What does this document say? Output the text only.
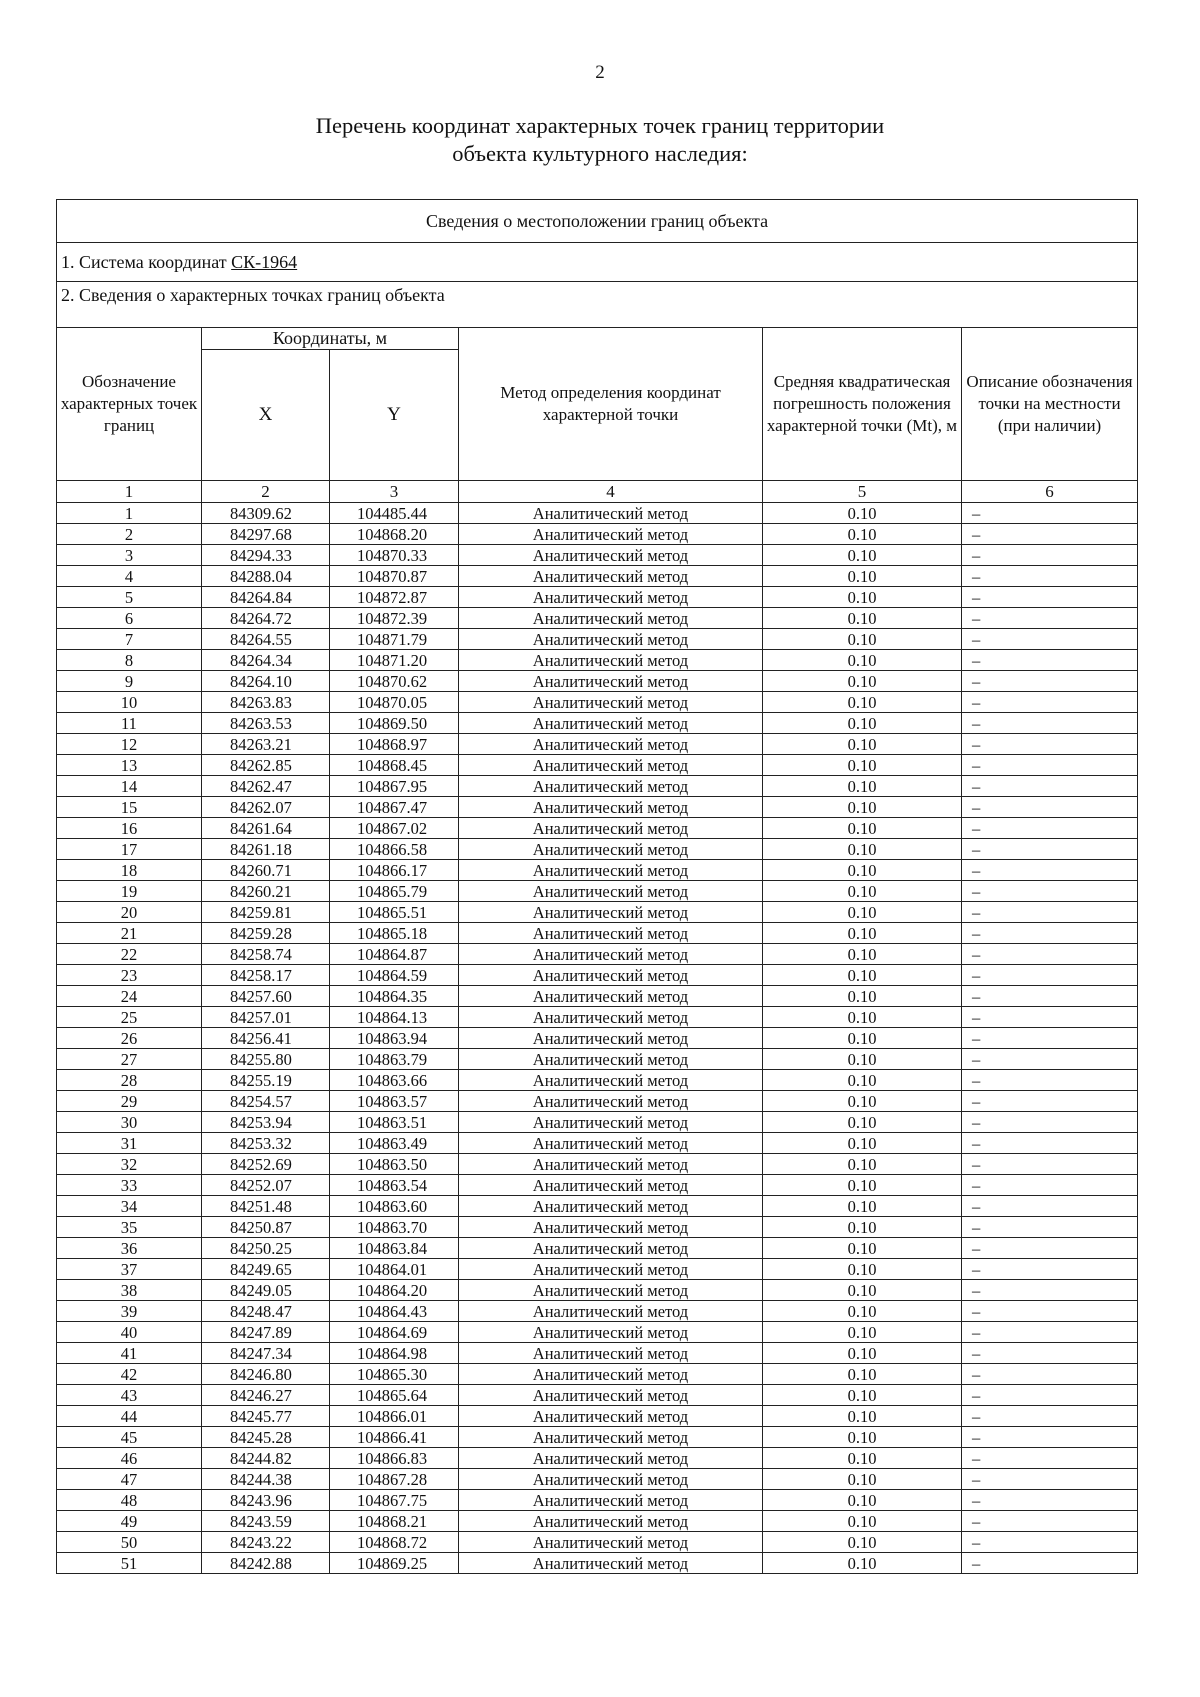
2
Перечень координат характерных точек границ территории
объекта культурного наследия:
Сведения о местоположении границ объекта					
1. Система координат СК-1964					
2. Сведения о характерных точках границ объекта					
Обозначение характерных точек границ	Координаты, м		Метод определения координат характерной точки	Средняя квадратическая погрешность положения характерной точки (Mt), м	Описание обозначения точки на местности (при наличии)
	X	Y			
1	2	3	4	5	6
1	84309.62	104485.44	Аналитический метод	0.10	–
2	84297.68	104868.20	Аналитический метод	0.10	–
3	84294.33	104870.33	Аналитический метод	0.10	–
4	84288.04	104870.87	Аналитический метод	0.10	–
5	84264.84	104872.87	Аналитический метод	0.10	–
6	84264.72	104872.39	Аналитический метод	0.10	–
7	84264.55	104871.79	Аналитический метод	0.10	–
8	84264.34	104871.20	Аналитический метод	0.10	–
9	84264.10	104870.62	Аналитический метод	0.10	–
10	84263.83	104870.05	Аналитический метод	0.10	–
11	84263.53	104869.50	Аналитический метод	0.10	–
12	84263.21	104868.97	Аналитический метод	0.10	–
13	84262.85	104868.45	Аналитический метод	0.10	–
14	84262.47	104867.95	Аналитический метод	0.10	–
15	84262.07	104867.47	Аналитический метод	0.10	–
16	84261.64	104867.02	Аналитический метод	0.10	–
17	84261.18	104866.58	Аналитический метод	0.10	–
18	84260.71	104866.17	Аналитический метод	0.10	–
19	84260.21	104865.79	Аналитический метод	0.10	–
20	84259.81	104865.51	Аналитический метод	0.10	–
21	84259.28	104865.18	Аналитический метод	0.10	–
22	84258.74	104864.87	Аналитический метод	0.10	–
23	84258.17	104864.59	Аналитический метод	0.10	–
24	84257.60	104864.35	Аналитический метод	0.10	–
25	84257.01	104864.13	Аналитический метод	0.10	–
26	84256.41	104863.94	Аналитический метод	0.10	–
27	84255.80	104863.79	Аналитический метод	0.10	–
28	84255.19	104863.66	Аналитический метод	0.10	–
29	84254.57	104863.57	Аналитический метод	0.10	–
30	84253.94	104863.51	Аналитический метод	0.10	–
31	84253.32	104863.49	Аналитический метод	0.10	–
32	84252.69	104863.50	Аналитический метод	0.10	–
33	84252.07	104863.54	Аналитический метод	0.10	–
34	84251.48	104863.60	Аналитический метод	0.10	–
35	84250.87	104863.70	Аналитический метод	0.10	–
36	84250.25	104863.84	Аналитический метод	0.10	–
37	84249.65	104864.01	Аналитический метод	0.10	–
38	84249.05	104864.20	Аналитический метод	0.10	–
39	84248.47	104864.43	Аналитический метод	0.10	–
40	84247.89	104864.69	Аналитический метод	0.10	–
41	84247.34	104864.98	Аналитический метод	0.10	–
42	84246.80	104865.30	Аналитический метод	0.10	–
43	84246.27	104865.64	Аналитический метод	0.10	–
44	84245.77	104866.01	Аналитический метод	0.10	–
45	84245.28	104866.41	Аналитический метод	0.10	–
46	84244.82	104866.83	Аналитический метод	0.10	–
47	84244.38	104867.28	Аналитический метод	0.10	–
48	84243.96	104867.75	Аналитический метод	0.10	–
49	84243.59	104868.21	Аналитический метод	0.10	–
50	84243.22	104868.72	Аналитический метод	0.10	–
51	84242.88	104869.25	Аналитический метод	0.10	–
